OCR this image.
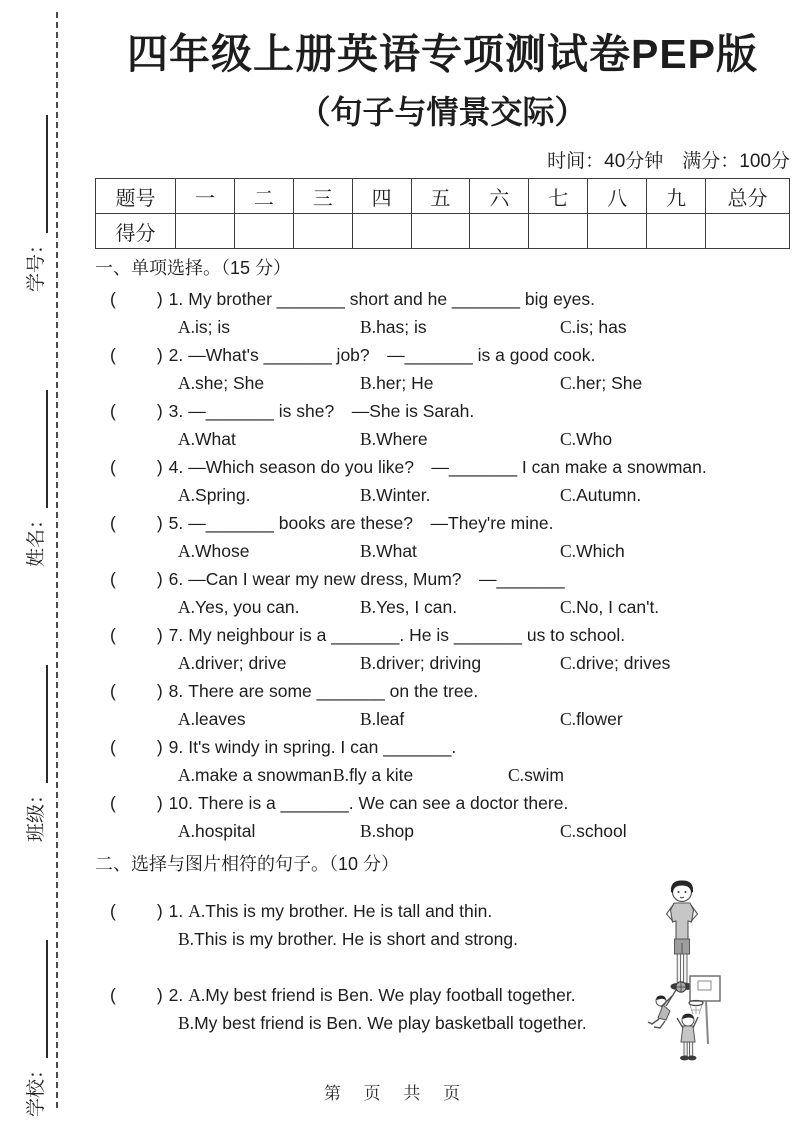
学校：
班级：
姓名：
学号：
四年级上册英语专项测试卷PEP版
（句子与情景交际）
时间：40分钟　满分：100分
题号	一	二	三	四	五	六	七	八	九	总分
得分										
一、单项选择。（15 分）
(　　) 1. My brother _______ short and he _______ big eyes.
A.is; is	B.has; is	C.is; has
(　　) 2. —What's _______ job?　—_______ is a good cook.
A.she; She	B.her; He	C.her; She
(　　) 3. —_______ is she?　—She is Sarah.
A.What	B.Where	C.Who
(　　) 4. —Which season do you like?　—_______ I can make a snowman.
A.Spring.	B.Winter.	C.Autumn.
(　　) 5. —_______ books are these?　—They're mine.
A.Whose	B.What	C.Which
(　　) 6. —Can I wear my new dress, Mum?　—_______
A.Yes, you can.	B.Yes, I can.	C.No, I can't.
(　　) 7. My neighbour is a _______. He is _______ us to school.
A.driver; drive	B.driver; driving	C.drive; drives
(　　) 8. There are some _______ on the tree.
A.leaves	B.leaf	C.flower
(　　) 9. It's windy in spring. I can _______.
A.make a snowman B.fly a kite	C.swim
(　　) 10. There is a _______. We can see a doctor there.
A.hospital	B.shop	C.school
二、选择与图片相符的句子。（10 分）
(　　) 1. A.This is my brother. He is tall and thin.
B.This is my brother. He is short and strong.
(　　) 2. A.My best friend is Ben. We play football together.
B.My best friend is Ben. We play basketball together.
第 页 共 页
